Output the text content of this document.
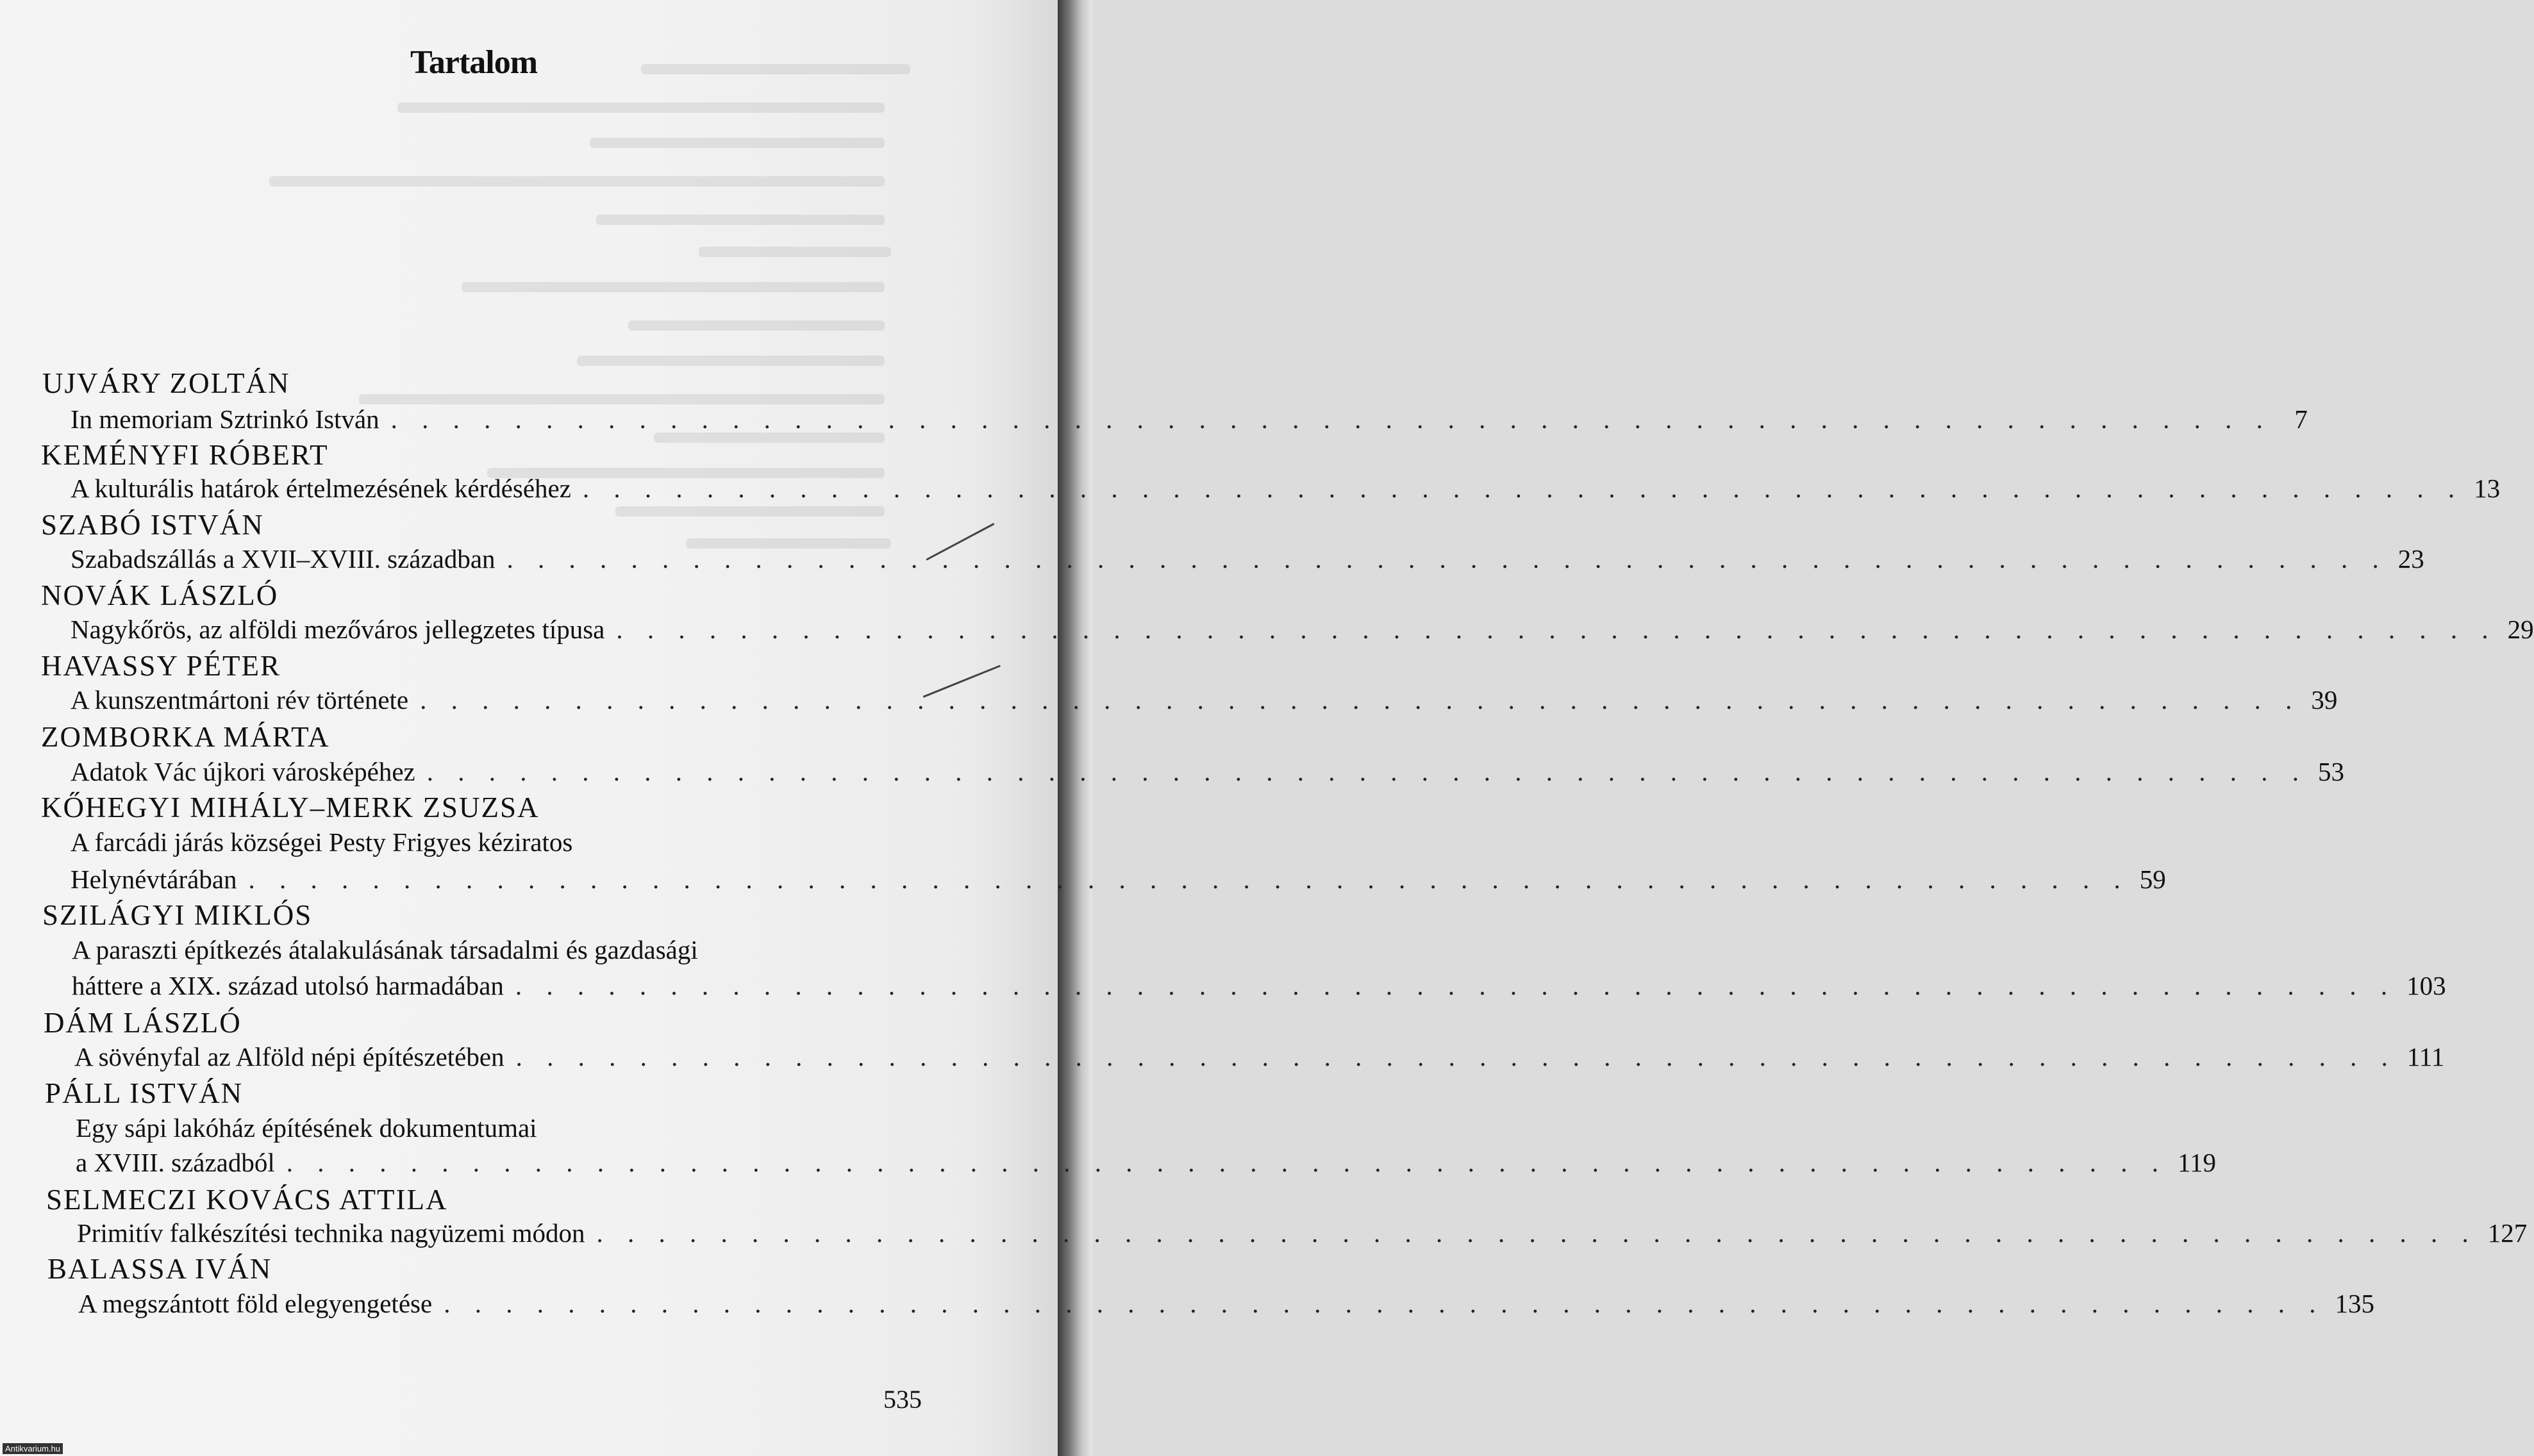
Tartalom
UJVÁRY ZOLTÁN
In memoriam Sztrinkó István . . . . . . . . . . . . . . . . . . . . . . . . . . . . . . . . . . . . . . . . . . . . . . . . . . . . . . . . . . . . . 7
KEMÉNYFI RÓBERT
A kulturális határok értelmezésének kérdéséhez . . . . . . . . . . . . . . . . . . . . . . . . . . . . . . . . . . . . . . . . . . . . . . . . . . . . . . . . . . . . . 13
SZABÓ ISTVÁN
Szabadszállás a XVII–XVIII. században . . . . . . . . . . . . . . . . . . . . . . . . . . . . . . . . . . . . . . . . . . . . . . . . . . . . . . . . . . . . . 23
NOVÁK LÁSZLÓ
Nagykőrös, az alföldi mezőváros jellegzetes típusa . . . . . . . . . . . . . . . . . . . . . . . . . . . . . . . . . . . . . . . . . . . . . . . . . . . . . . . . . . . . . 29
HAVASSY PÉTER
A kunszentmártoni rév története . . . . . . . . . . . . . . . . . . . . . . . . . . . . . . . . . . . . . . . . . . . . . . . . . . . . . . . . . . . . . 39
ZOMBORKA MÁRTA
Adatok Vác újkori városképéhez . . . . . . . . . . . . . . . . . . . . . . . . . . . . . . . . . . . . . . . . . . . . . . . . . . . . . . . . . . . . . 53
KŐHEGYI MIHÁLY–MERK ZSUZSA
A farcádi járás községei Pesty Frigyes kéziratos
Helynévtárában . . . . . . . . . . . . . . . . . . . . . . . . . . . . . . . . . . . . . . . . . . . . . . . . . . . . . . . . . . . . . 59
SZILÁGYI MIKLÓS
A paraszti építkezés átalakulásának társadalmi és gazdasági
háttere a XIX. század utolsó harmadában . . . . . . . . . . . . . . . . . . . . . . . . . . . . . . . . . . . . . . . . . . . . . . . . . . . . . . . . . . . . . 103
DÁM LÁSZLÓ
A sövényfal az Alföld népi építészetében . . . . . . . . . . . . . . . . . . . . . . . . . . . . . . . . . . . . . . . . . . . . . . . . . . . . . . . . . . . . . 111
PÁLL ISTVÁN
Egy sápi lakóház építésének dokumentumai
a XVIII. századból . . . . . . . . . . . . . . . . . . . . . . . . . . . . . . . . . . . . . . . . . . . . . . . . . . . . . . . . . . . . . 119
SELMECZI KOVÁCS ATTILA
Primitív falkészítési technika nagyüzemi módon . . . . . . . . . . . . . . . . . . . . . . . . . . . . . . . . . . . . . . . . . . . . . . . . . . . . . . . . . . . . . 127
BALASSA IVÁN
A megszántott föld elegyengetése . . . . . . . . . . . . . . . . . . . . . . . . . . . . . . . . . . . . . . . . . . . . . . . . . . . . . . . . . . . . . 135
535
Antikvarium.hu
